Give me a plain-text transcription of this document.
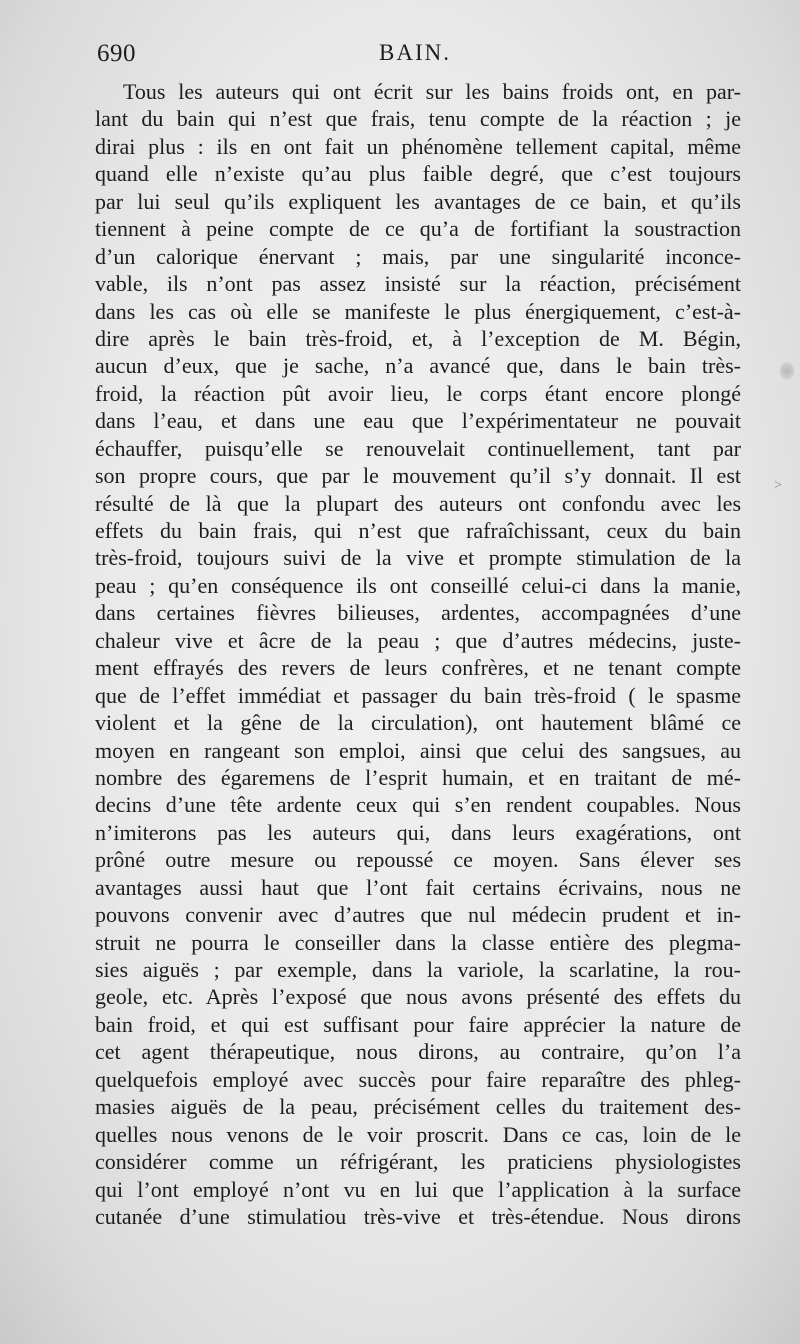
690	BAIN.
Tous les auteurs qui ont écrit sur les bains froids ont, en par-
lant du bain qui n’est que frais, tenu compte de la réaction ; je
dirai plus : ils en ont fait un phénomène tellement capital, même
quand elle n’existe qu’au plus faible degré, que c’est toujours
par lui seul qu’ils expliquent les avantages de ce bain, et qu’ils
tiennent à peine compte de ce qu’a de fortifiant la soustraction
d’un calorique énervant ; mais, par une singularité inconce-
vable, ils n’ont pas assez insisté sur la réaction, précisément
dans les cas où elle se manifeste le plus énergiquement, c’est-à-
dire après le bain très-froid, et, à l’exception de M. Bégin,
aucun d’eux, que je sache, n’a avancé que, dans le bain très-
froid, la réaction pût avoir lieu, le corps étant encore plongé
dans l’eau, et dans une eau que l’expérimentateur ne pouvait
échauffer, puisqu’elle se renouvelait continuellement, tant par
son propre cours, que par le mouvement qu’il s’y donnait. Il est
résulté de là que la plupart des auteurs ont confondu avec les
effets du bain frais, qui n’est que rafraîchissant, ceux du bain
très-froid, toujours suivi de la vive et prompte stimulation de la
peau ; qu’en conséquence ils ont conseillé celui-ci dans la manie,
dans certaines fièvres bilieuses, ardentes, accompagnées d’une
chaleur vive et âcre de la peau ; que d’autres médecins, juste-
ment effrayés des revers de leurs confrères, et ne tenant compte
que de l’effet immédiat et passager du bain très-froid ( le spasme
violent et la gêne de la circulation), ont hautement blâmé ce
moyen en rangeant son emploi, ainsi que celui des sangsues, au
nombre des égaremens de l’esprit humain, et en traitant de mé-
decins d’une tête ardente ceux qui s’en rendent coupables. Nous
n’imiterons pas les auteurs qui, dans leurs exagérations, ont
prôné outre mesure ou repoussé ce moyen. Sans élever ses
avantages aussi haut que l’ont fait certains écrivains, nous ne
pouvons convenir avec d’autres que nul médecin prudent et in-
struit ne pourra le conseiller dans la classe entière des plegma-
sies aiguës ; par exemple, dans la variole, la scarlatine, la rou-
geole, etc. Après l’exposé que nous avons présenté des effets du
bain froid, et qui est suffisant pour faire apprécier la nature de
cet agent thérapeutique, nous dirons, au contraire, qu’on l’a
quelquefois employé avec succès pour faire reparaître des phleg-
masies aiguës de la peau, précisément celles du traitement des-
quelles nous venons de le voir proscrit. Dans ce cas, loin de le
considérer comme un réfrigérant, les praticiens physiologistes
qui l’ont employé n’ont vu en lui que l’application à la surface
cutanée d’une stimulatiou très-vive et très-étendue. Nous dirons
>
